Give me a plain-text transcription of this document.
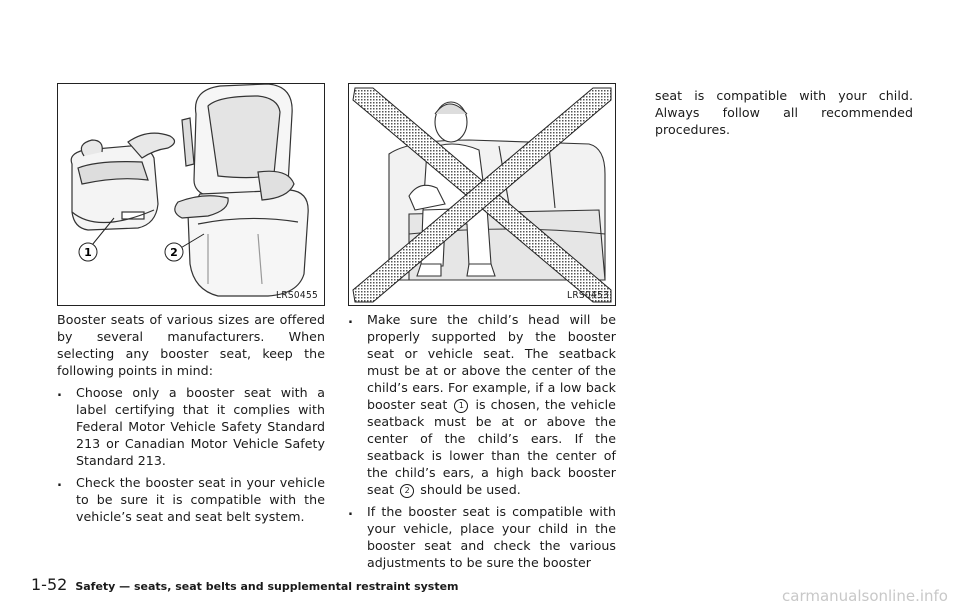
1	2
LRS0455	LRS0453

Booster seats of various sizes are offered by several manufacturers. When selecting any booster seat, keep the following points in mind:

. Choose only a booster seat with a label certifying that it complies with Federal Motor Vehicle Safety Standard 213 or Canadian Motor Vehicle Safety Standard 213.
. Check the booster seat in your vehicle to be sure it is compatible with the vehicle’s seat and seat belt system.
. Make sure the child’s head will be properly supported by the booster seat or vehicle seat. The seatback must be at or above the center of the child’s ears. For example, if a low back booster seat 1 is chosen, the vehicle seatback must be at or above the center of the child’s ears. If the seatback is lower than the center of the child’s ears, a high back booster seat 2 should be used.
. If the booster seat is compatible with your vehicle, place your child in the booster seat and check the various adjustments to be sure the booster

seat is compatible with your child. Always follow all recommended procedures.

1-52 Safety — seats, seat belts and supplemental restraint system
carmanualsonline.info
